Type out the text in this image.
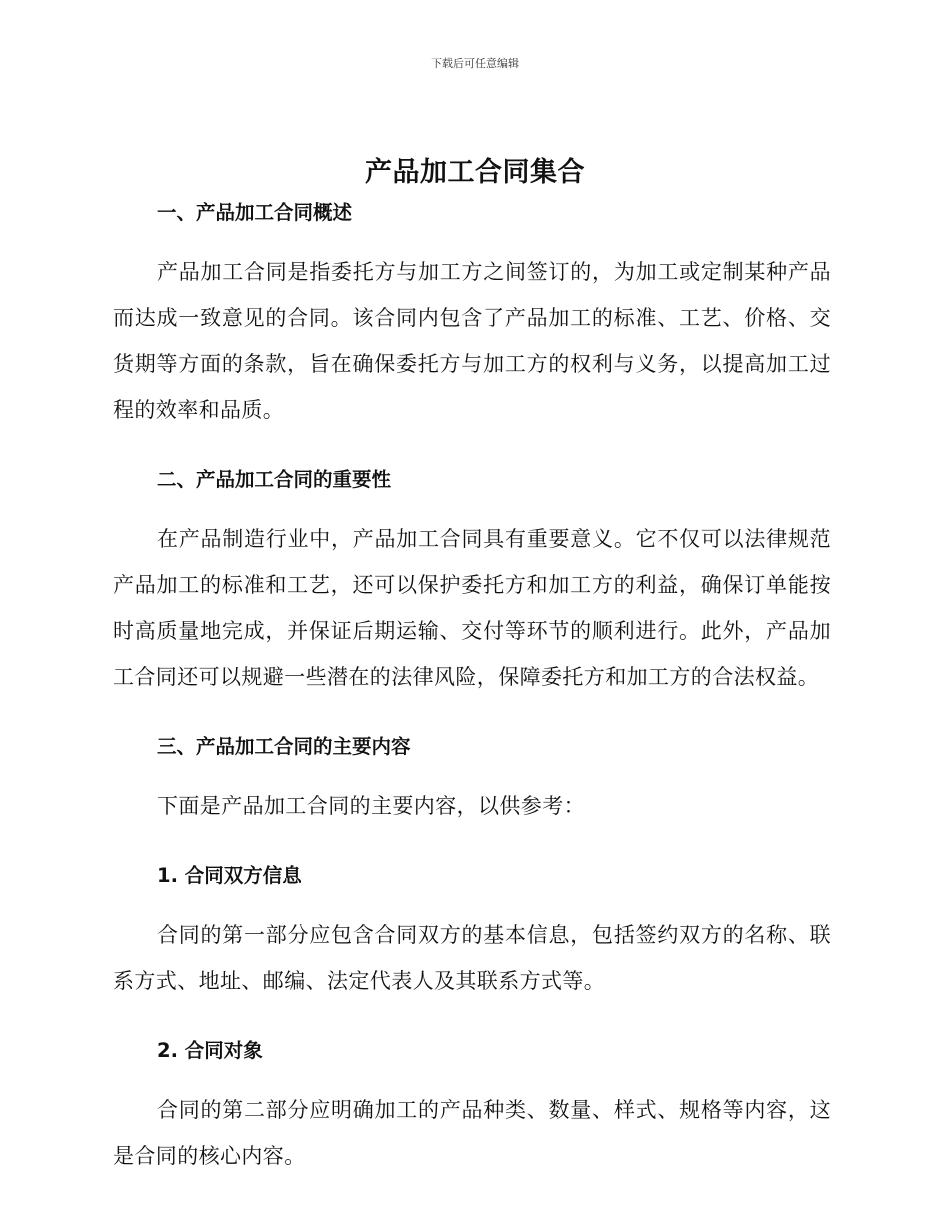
下载后可任意编辑
产品加工合同集合
一、产品加工合同概述

产品加工合同是指委托方与加工方之间签订的，为加工或定制某种产品而达成一致意见的合同。该合同内包含了产品加工的标准、工艺、价格、交货期等方面的条款，旨在确保委托方与加工方的权利与义务，以提高加工过程的效率和品质。

二、产品加工合同的重要性

在产品制造行业中，产品加工合同具有重要意义。它不仅可以法律规范产品加工的标准和工艺，还可以保护委托方和加工方的利益，确保订单能按时高质量地完成，并保证后期运输、交付等环节的顺利进行。此外，产品加工合同还可以规避一些潜在的法律风险，保障委托方和加工方的合法权益。

三、产品加工合同的主要内容

下面是产品加工合同的主要内容，以供参考：

1. 合同双方信息

合同的第一部分应包含合同双方的基本信息，包括签约双方的名称、联系方式、地址、邮编、法定代表人及其联系方式等。

2. 合同对象

合同的第二部分应明确加工的产品种类、数量、样式、规格等内容，这是合同的核心内容。
